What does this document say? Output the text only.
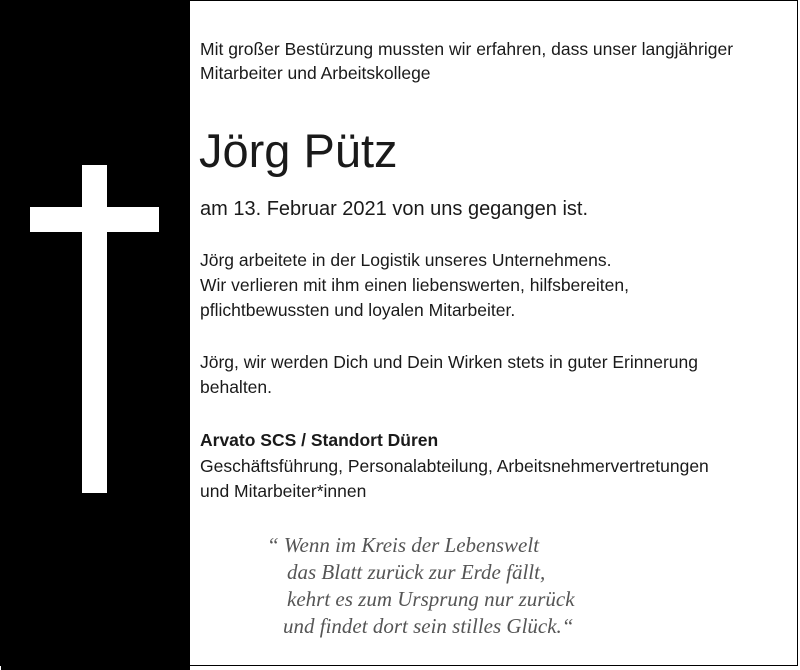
Mit großer Bestürzung mussten wir erfahren, dass unser langjähriger

Mitarbeiter und Arbeitskollege

Jörg Pütz

am 13. Februar 2021 von uns gegangen ist.

Jörg arbeitete in der Logistik unseres Unternehmens.

Wir verlieren mit ihm einen liebenswerten, hilfsbereiten,

pflichtbewussten und loyalen Mitarbeiter.

Jörg, wir werden Dich und Dein Wirken stets in guter Erinnerung

behalten.

Arvato SCS / Standort Düren

Geschäftsführung, Personalabteilung, Arbeitsnehmervertretungen

und Mitarbeiter*innen

“ Wenn im Kreis der Lebenswelt
das Blatt zurück zur Erde fällt,
kehrt es zum Ursprung nur zurück
und findet dort sein stilles Glück.“
